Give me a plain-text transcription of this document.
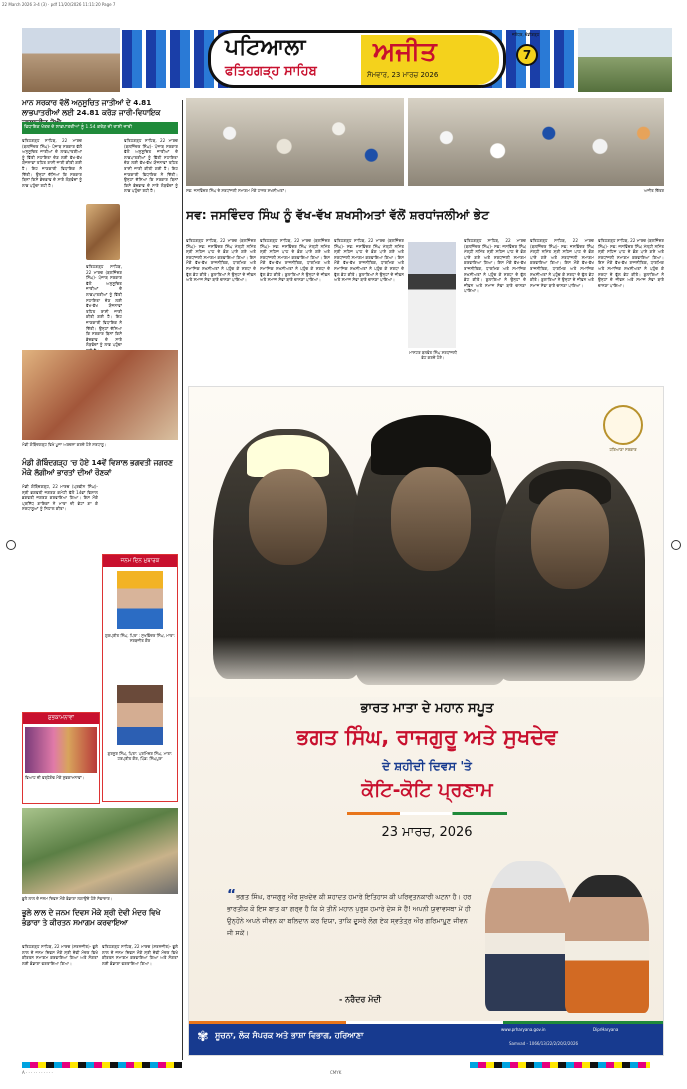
22 March 2026 3-4 (3) · pdf 11/20/2026 11:11:20 Page 7
ਪਟਿਆਲਾ
ਫਤਿਹਗੜ੍ਹ ਸਾਹਿਬ
ਅਜੀਤ
ਸੋਮਵਾਰ, 23 ਮਾਰਚ 2026
ਜਲੰਧਰ, ਚੰਡੀਗੜ੍ਹ
7
ਮਾਨ ਸਰਕਾਰ ਵੱਲੋਂ ਅਨੁਸੂਚਿਤ ਜਾਤੀਆਂ ਦੇ 4.81 ਲਾਭਪਾਤਰੀਆਂ ਲਈ 24.81 ਕਰੋੜ ਜਾਰੀ-ਵਿਧਾਇਕ
ਵਿਧਾਇਕ ਖੇਤਰ ਦੇ ਲਾਭਪਾਤਰੀਆਂ ਨੂੰ 1.54 ਕਰੋੜ ਦੀ ਰਾਸ਼ੀ ਜਾਰੀ
ਫਤਿਹਗੜ੍ਹ ਸਾਹਿਬ, 22 ਮਾਰਚ (ਬਲਜਿੰਦਰ ਸਿੰਘ)- ਪੰਜਾਬ ਸਰਕਾਰ ਵੱਲੋਂ ਅਨੁਸੂਚਿਤ ਜਾਤੀਆਂ ਦੇ ਲਾਭਪਾਤਰੀਆਂ ਨੂੰ ਵਿੱਤੀ ਸਹਾਇਤਾ ਦੇਣ ਲਈ ਵੱਖ-ਵੱਖ ਯੋਜਨਾਵਾਂ ਤਹਿਤ ਰਾਸ਼ੀ ਜਾਰੀ ਕੀਤੀ ਗਈ ਹੈ। ਇਹ ਜਾਣਕਾਰੀ ਵਿਧਾਇਕ ਨੇ ਦਿੱਤੀ। ਉਨ੍ਹਾਂ ਦੱਸਿਆ ਕਿ ਸਰਕਾਰ ਬਿਨਾਂ ਕਿਸੇ ਭੇਦਭਾਵ ਦੇ ਸਾਰੇ ਲੋੜਵੰਦਾਂ ਨੂੰ ਲਾਭ ਪਹੁੰਚਾ ਰਹੀ ਹੈ।
ਫਤਿਹਗੜ੍ਹ ਸਾਹਿਬ, 22 ਮਾਰਚ (ਬਲਜਿੰਦਰ ਸਿੰਘ)- ਪੰਜਾਬ ਸਰਕਾਰ ਵੱਲੋਂ ਅਨੁਸੂਚਿਤ ਜਾਤੀਆਂ ਦੇ ਲਾਭਪਾਤਰੀਆਂ ਨੂੰ ਵਿੱਤੀ ਸਹਾਇਤਾ ਦੇਣ ਲਈ ਵੱਖ-ਵੱਖ ਯੋਜਨਾਵਾਂ ਤਹਿਤ ਰਾਸ਼ੀ ਜਾਰੀ ਕੀਤੀ ਗਈ ਹੈ। ਇਹ ਜਾਣਕਾਰੀ ਵਿਧਾਇਕ ਨੇ ਦਿੱਤੀ। ਉਨ੍ਹਾਂ ਦੱਸਿਆ ਕਿ ਸਰਕਾਰ ਬਿਨਾਂ ਕਿਸੇ ਭੇਦਭਾਵ ਦੇ ਸਾਰੇ ਲੋੜਵੰਦਾਂ ਨੂੰ ਲਾਭ ਪਹੁੰਚਾ ਰਹੀ ਹੈ।
ਫਤਿਹਗੜ੍ਹ ਸਾਹਿਬ, 22 ਮਾਰਚ (ਬਲਜਿੰਦਰ ਸਿੰਘ)- ਪੰਜਾਬ ਸਰਕਾਰ ਵੱਲੋਂ ਅਨੁਸੂਚਿਤ ਜਾਤੀਆਂ ਦੇ ਲਾਭਪਾਤਰੀਆਂ ਨੂੰ ਵਿੱਤੀ ਸਹਾਇਤਾ ਦੇਣ ਲਈ ਵੱਖ-ਵੱਖ ਯੋਜਨਾਵਾਂ ਤਹਿਤ ਰਾਸ਼ੀ ਜਾਰੀ ਕੀਤੀ ਗਈ ਹੈ। ਇਹ ਜਾਣਕਾਰੀ ਵਿਧਾਇਕ ਨੇ ਦਿੱਤੀ। ਉਨ੍ਹਾਂ ਦੱਸਿਆ ਕਿ ਸਰਕਾਰ ਬਿਨਾਂ ਕਿਸੇ ਭੇਦਭਾਵ ਦੇ ਸਾਰੇ ਲੋੜਵੰਦਾਂ ਨੂੰ ਲਾਭ ਪਹੁੰਚਾ
ਮੰਡੀ ਗੋਬਿੰਦਗੜ੍ਹ ਵਿਖੇ ਪੂਜਾ ਅਰਚਨਾ ਕਰਦੇ ਹੋਏ ਸ਼ਰਧਾਲੂ।
ਮੰਡੀ ਗੋਬਿੰਦਗੜ੍ਹ 'ਚ ਹੋਏ 14ਵੇਂ ਵਿਸ਼ਾਲ ਭਗਵਤੀ ਜਗਰਣ ਮੌਕੇ ਲੱਗੀਆਂ ਭਾਰਤਾਂ ਦੀਆਂ ਰੌਣਕਾਂ
ਮੰਡੀ ਗੋਬਿੰਦਗੜ੍ਹ, 22 ਮਾਰਚ (ਪ੍ਰਵੀਨ ਸਿੰਘ)- ਸ਼੍ਰੀ ਭਗਵਤੀ ਜਗਰਣ ਕਮੇਟੀ ਵੱਲੋਂ 14ਵਾਂ ਵਿਸ਼ਾਲ ਭਗਵਤੀ ਜਗਰਣ ਕਰਵਾਇਆ ਗਿਆ। ਇਸ ਮੌਕੇ ਪ੍ਰਸਿੱਧ ਗਾਇਕਾਂ ਨੇ ਮਾਤਾ ਦੀ ਭੇਟਾਂ ਗਾ ਕੇ ਸ਼ਰਧਾਲੂਆਂ ਨੂੰ ਨਿਹਾਲ ਕੀਤਾ।
ਜਨਮ ਦਿਨ ਮੁਬਾਰਕ
ਗੁਰਪ੍ਰੀਤ ਸਿੰਘ, ਪਿਤਾ : ਸੁਖਵਿੰਦਰ ਸਿੰਘ, ਮਾਤਾ: ਸਰਬਜੀਤ ਕੌਰ
ਗੁਰਨੂਰ ਸਿੰਘ, ਪਿਤਾ: ਪਰਮਿੰਦਰ ਸਿੰਘ, ਮਾਤਾ: ਹਰਪ੍ਰੀਤ ਕੌਰ, ਪਿੰਡ: ਸਿੰਘਪੁਰਾ
ਸ਼ੁਭਕਾਮਨਾਵਾਂ
ਵਿਆਹ ਦੀ ਵਰ੍ਹੇਗੰਢ ਮੌਕੇ ਸ਼ੁਭਕਾਮਨਾਵਾਂ।
ਭੂਲੇ ਲਾਲ ਦੇ ਜਨਮ ਦਿਵਸ ਮੌਕੇ ਭੰਡਾਰਾ ਲਗਾਉਂਦੇ ਹੋਏ ਸੇਵਾਦਾਰ।
ਭੂਲੇ ਲਾਲ ਦੇ ਜਨਮ ਦਿਵਸ ਮੌਕੇ ਸ਼੍ਰੀ ਦੇਵੀ ਮੰਦਰ ਵਿਖੇ ਭੰਡਾਰਾ ਤੇ ਕੀਰਤਨ ਸਮਾਗਮ ਕਰਵਾਇਆ
ਫਤਿਹਗੜ੍ਹ ਸਾਹਿਬ, 22 ਮਾਰਚ (ਸ਼ਰਨਜੀਤ)- ਭੂਲੇ ਲਾਲ ਦੇ ਜਨਮ ਦਿਵਸ ਮੌਕੇ ਸ਼੍ਰੀ ਦੇਵੀ ਮੰਦਰ ਵਿਖੇ ਕੀਰਤਨ ਸਮਾਗਮ ਕਰਵਾਇਆ ਗਿਆ ਅਤੇ ਸੰਗਤਾਂ ਲਈ ਭੰਡਾਰਾ ਵਰਤਾਇਆ ਗਿਆ।
ਫਤਿਹਗੜ੍ਹ ਸਾਹਿਬ, 22 ਮਾਰਚ (ਸ਼ਰਨਜੀਤ)- ਭੂਲੇ ਲਾਲ ਦੇ ਜਨਮ ਦਿਵਸ ਮੌਕੇ ਸ਼੍ਰੀ ਦੇਵੀ ਮੰਦਰ ਵਿਖੇ ਕੀਰਤਨ ਸਮਾਗਮ ਕਰਵਾਇਆ ਗਿਆ ਅਤੇ ਸੰਗਤਾਂ ਲਈ ਭੰਡਾਰਾ ਵਰਤਾਇਆ ਗਿਆ।
ਸਵ: ਜਸਵਿੰਦਰ ਸਿੰਘ ਦੇ ਸ਼ਰਧਾਂਜਲੀ ਸਮਾਗਮ ਮੌਕੇ ਹਾਜ਼ਰ ਸ਼ਖਸੀਅਤਾਂ।	ਅਜੀਤ ਚਿੱਤਰ
ਸਵ: ਜਸਵਿੰਦਰ ਸਿੰਘ ਨੂੰ ਵੱਖ-ਵੱਖ ਸ਼ਖਸੀਅਤਾਂ ਵੱਲੋਂ ਸ਼ਰਧਾਂਜਲੀਆਂ ਭੇਟ
ਫਤਿਹਗੜ੍ਹ ਸਾਹਿਬ, 22 ਮਾਰਚ (ਬਲਜਿੰਦਰ ਸਿੰਘ)- ਸਵ: ਜਸਵਿੰਦਰ ਸਿੰਘ ਮੱਲ੍ਹੀ ਨਮਿੱਤ ਸ਼੍ਰੀ ਸਹਿਜ ਪਾਠ ਦੇ ਭੋਗ ਪਾਏ ਗਏ ਅਤੇ ਸ਼ਰਧਾਂਜਲੀ ਸਮਾਗਮ ਕਰਵਾਇਆ ਗਿਆ। ਇਸ ਮੌਕੇ ਵੱਖ-ਵੱਖ ਰਾਜਨੀਤਿਕ, ਧਾਰਮਿਕ ਅਤੇ ਸਮਾਜਿਕ ਸ਼ਖਸੀਅਤਾਂ ਨੇ ਪਹੁੰਚ ਕੇ ਸ਼ਰਧਾ ਦੇ ਫੁੱਲ ਭੇਟ ਕੀਤੇ। ਬੁਲਾਰਿਆਂ ਨੇ ਉਨ੍ਹਾਂ ਦੇ ਜੀਵਨ ਅਤੇ ਸਮਾਜ ਸੇਵਾ ਬਾਰੇ ਚਾਨਣਾ ਪਾਇਆ।
ਫਤਿਹਗੜ੍ਹ ਸਾਹਿਬ, 22 ਮਾਰਚ (ਬਲਜਿੰਦਰ ਸਿੰਘ)- ਸਵ: ਜਸਵਿੰਦਰ ਸਿੰਘ ਮੱਲ੍ਹੀ ਨਮਿੱਤ ਸ਼੍ਰੀ ਸਹਿਜ ਪਾਠ ਦੇ ਭੋਗ ਪਾਏ ਗਏ ਅਤੇ ਸ਼ਰਧਾਂਜਲੀ ਸਮਾਗਮ ਕਰਵਾਇਆ ਗਿਆ। ਇਸ ਮੌਕੇ ਵੱਖ-ਵੱਖ ਰਾਜਨੀਤਿਕ, ਧਾਰਮਿਕ ਅਤੇ ਸਮਾਜਿਕ ਸ਼ਖਸੀਅਤਾਂ ਨੇ ਪਹੁੰਚ ਕੇ ਸ਼ਰਧਾ ਦੇ ਫੁੱਲ ਭੇਟ ਕੀਤੇ। ਬੁਲਾਰਿਆਂ ਨੇ ਉਨ੍ਹਾਂ ਦੇ ਜੀਵਨ ਅਤੇ ਸਮਾਜ ਸੇਵਾ ਬਾਰੇ ਚਾਨਣਾ ਪਾਇਆ।
ਫਤਿਹਗੜ੍ਹ ਸਾਹਿਬ, 22 ਮਾਰਚ (ਬਲਜਿੰਦਰ ਸਿੰਘ)- ਸਵ: ਜਸਵਿੰਦਰ ਸਿੰਘ ਮੱਲ੍ਹੀ ਨਮਿੱਤ ਸ਼੍ਰੀ ਸਹਿਜ ਪਾਠ ਦੇ ਭੋਗ ਪਾਏ ਗਏ ਅਤੇ ਸ਼ਰਧਾਂਜਲੀ ਸਮਾਗਮ ਕਰਵਾਇਆ ਗਿਆ। ਇਸ ਮੌਕੇ ਵੱਖ-ਵੱਖ ਰਾਜਨੀਤਿਕ, ਧਾਰਮਿਕ ਅਤੇ ਸਮਾਜਿਕ ਸ਼ਖਸੀਅਤਾਂ ਨੇ ਪਹੁੰਚ ਕੇ ਸ਼ਰਧਾ ਦੇ ਫੁੱਲ ਭੇਟ ਕੀਤੇ। ਬੁਲਾਰਿਆਂ ਨੇ ਉਨ੍ਹਾਂ ਦੇ ਜੀਵਨ ਅਤੇ ਸਮਾਜ ਸੇਵਾ ਬਾਰੇ ਚਾਨਣਾ ਪਾਇਆ।
ਮਾਸਟਰ ਬਲਵੰਤ ਸਿੰਘ ਸ਼ਰਧਾਂਜਲੀ ਭੇਟ ਕਰਦੇ ਹੋਏ।
ਫਤਿਹਗੜ੍ਹ ਸਾਹਿਬ, 22 ਮਾਰਚ (ਬਲਜਿੰਦਰ ਸਿੰਘ)- ਸਵ: ਜਸਵਿੰਦਰ ਸਿੰਘ ਮੱਲ੍ਹੀ ਨਮਿੱਤ ਸ਼੍ਰੀ ਸਹਿਜ ਪਾਠ ਦੇ ਭੋਗ ਪਾਏ ਗਏ ਅਤੇ ਸ਼ਰਧਾਂਜਲੀ ਸਮਾਗਮ ਕਰਵਾਇਆ ਗਿਆ। ਇਸ ਮੌਕੇ ਵੱਖ-ਵੱਖ ਰਾਜਨੀਤਿਕ, ਧਾਰਮਿਕ ਅਤੇ ਸਮਾਜਿਕ ਸ਼ਖਸੀਅਤਾਂ ਨੇ ਪਹੁੰਚ ਕੇ ਸ਼ਰਧਾ ਦੇ ਫੁੱਲ ਭੇਟ ਕੀਤੇ। ਬੁਲਾਰਿਆਂ ਨੇ ਉਨ੍ਹਾਂ ਦੇ ਜੀਵਨ ਅਤੇ ਸਮਾਜ ਸੇਵਾ ਬਾਰੇ ਚਾਨਣਾ ਪਾਇਆ।
ਫਤਿਹਗੜ੍ਹ ਸਾਹਿਬ, 22 ਮਾਰਚ (ਬਲਜਿੰਦਰ ਸਿੰਘ)- ਸਵ: ਜਸਵਿੰਦਰ ਸਿੰਘ ਮੱਲ੍ਹੀ ਨਮਿੱਤ ਸ਼੍ਰੀ ਸਹਿਜ ਪਾਠ ਦੇ ਭੋਗ ਪਾਏ ਗਏ ਅਤੇ ਸ਼ਰਧਾਂਜਲੀ ਸਮਾਗਮ ਕਰਵਾਇਆ ਗਿਆ। ਇਸ ਮੌਕੇ ਵੱਖ-ਵੱਖ ਰਾਜਨੀਤਿਕ, ਧਾਰਮਿਕ ਅਤੇ ਸਮਾਜਿਕ ਸ਼ਖਸੀਅਤਾਂ ਨੇ ਪਹੁੰਚ ਕੇ ਸ਼ਰਧਾ ਦੇ ਫੁੱਲ ਭੇਟ ਕੀਤੇ। ਬੁਲਾਰਿਆਂ ਨੇ ਉਨ੍ਹਾਂ ਦੇ ਜੀਵਨ ਅਤੇ ਸਮਾਜ ਸੇਵਾ ਬਾਰੇ ਚਾਨਣਾ ਪਾਇਆ।
ਫਤਿਹਗੜ੍ਹ ਸਾਹਿਬ, 22 ਮਾਰਚ (ਬਲਜਿੰਦਰ ਸਿੰਘ)- ਸਵ: ਜਸਵਿੰਦਰ ਸਿੰਘ ਮੱਲ੍ਹੀ ਨਮਿੱਤ ਸ਼੍ਰੀ ਸਹਿਜ ਪਾਠ ਦੇ ਭੋਗ ਪਾਏ ਗਏ ਅਤੇ ਸ਼ਰਧਾਂਜਲੀ ਸਮਾਗਮ ਕਰਵਾਇਆ ਗਿਆ। ਇਸ ਮੌਕੇ ਵੱਖ-ਵੱਖ ਰਾਜਨੀਤਿਕ, ਧਾਰਮਿਕ ਅਤੇ ਸਮਾਜਿਕ ਸ਼ਖਸੀਅਤਾਂ ਨੇ ਪਹੁੰਚ ਕੇ ਸ਼ਰਧਾ ਦੇ ਫੁੱਲ ਭੇਟ ਕੀਤੇ। ਬੁਲਾਰਿਆਂ ਨੇ ਉਨ੍ਹਾਂ ਦੇ ਜੀਵਨ ਅਤੇ ਸਮਾਜ ਸੇਵਾ ਬਾਰੇ ਚਾਨਣਾ ਪਾਇਆ।
ਹਰਿਆਣਾ ਸਰਕਾਰ
ਭਾਰਤ ਮਾਤਾ ਦੇ ਮਹਾਨ ਸਪੂਤ
ਭਗਤ ਸਿੰਘ, ਰਾਜਗੁਰੂ ਅਤੇ ਸੁਖਦੇਵ
ਦੇ ਸ਼ਹੀਦੀ ਦਿਵਸ 'ਤੇ
ਕੋਟਿ-ਕੋਟਿ ਪ੍ਰਣਾਮ
23 ਮਾਰਚ, 2026
“ਭਗਤ ਸਿੰਘ, ਰਾਜਗੁਰੁ ਔਰ ਸੁਖਦੇਵ ਕੀ ਸ਼ਹਾਦਤ ਹਮਾਰੇ ਇਤਿਹਾਸ ਕੀ ਪਰਿਵਰ੍ਤਨਕਾਰੀ ਘਟਨਾ ਹੈ। ਹਰ ਭਾਰਤੀਯ ਕੋ ਇਸ ਬਾਤ ਕਾ ਗਰ੍ਵ ਹੈ ਕਿ ਯੇ ਤੀਨੋਂ ਮਹਾਨ ਪੁਰੁਸ਼ ਹਮਾਰੇ ਦੇਸ਼ ਸੇ ਹੈਂ! ਅਪਨੀ ਯੁਵਾਵਸਥਾ ਮੇਂ ਹੀ ਉਨ੍ਹੋਂਨੇ ਅਪਨੇ ਜੀਵਨ ਕਾ ਬਲਿਦਾਨ ਕਰ ਦਿਯਾ, ਤਾਕਿ ਦੂਸਰੇ ਲੋਗ ਏਕ ਸ੍ਵਤੰਤ੍ਰ ਔਰ ਗਰਿਮਾਪੂਰ੍ਣ ਜੀਵਨ ਜੀ ਸਕੇਂ।
- ਨਰੇੰਦਰ ਮੋਦੀ
✾ ਸੂਚਨਾ, ਲੋਕ ਸੰਪਰਕ ਅਤੇ ਭਾਸ਼ਾ ਵਿਭਾਗ, ਹਰਿਆਣਾ
www.prharyana.gov.in	DiprHaryana
Samvad - 1066/13/22/2/20/2/2026
A · · · · · · · · · · ·	CMYK
